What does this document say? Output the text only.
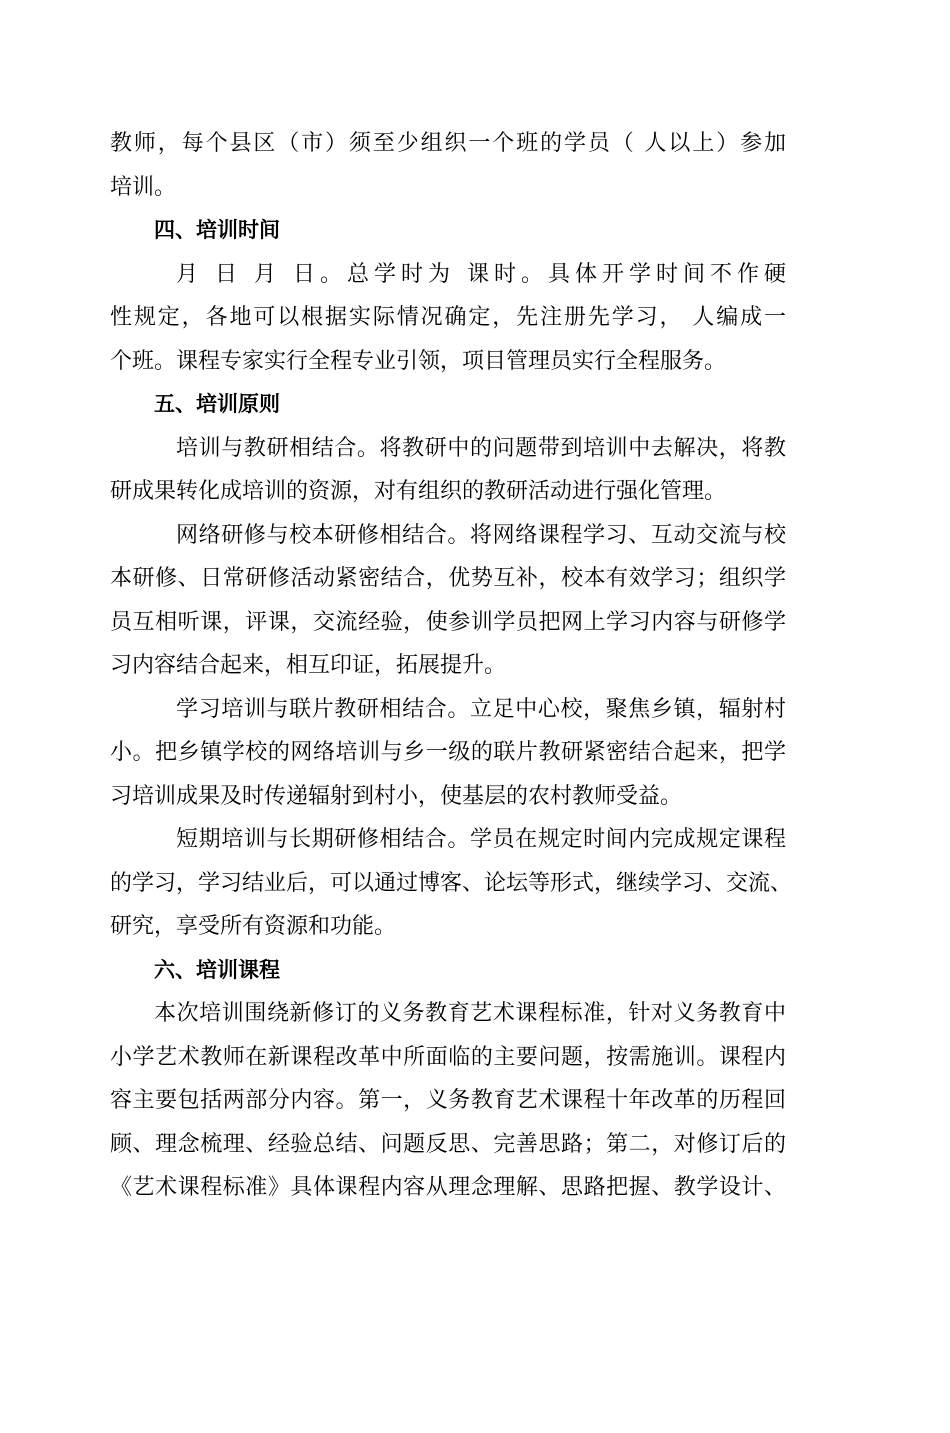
教师，每个县区（市）须至少组织一个班的学员（ 人以上）参加
培训。
四、培训时间
月 日 月 日。总学时为 课时。具体开学时间不作硬
性规定，各地可以根据实际情况确定，先注册先学习， 人编成一
个班。课程专家实行全程专业引领，项目管理员实行全程服务。
五、培训原则
培训与教研相结合。将教研中的问题带到培训中去解决，将教
研成果转化成培训的资源，对有组织的教研活动进行强化管理。
网络研修与校本研修相结合。将网络课程学习、互动交流与校
本研修、日常研修活动紧密结合，优势互补，校本有效学习；组织学
员互相听课，评课，交流经验，使参训学员把网上学习内容与研修学
习内容结合起来，相互印证，拓展提升。
学习培训与联片教研相结合。立足中心校，聚焦乡镇，辐射村
小。把乡镇学校的网络培训与乡一级的联片教研紧密结合起来，把学
习培训成果及时传递辐射到村小，使基层的农村教师受益。
短期培训与长期研修相结合。学员在规定时间内完成规定课程
的学习，学习结业后，可以通过博客、论坛等形式，继续学习、交流、
研究，享受所有资源和功能。
六、培训课程
本次培训围绕新修订的义务教育艺术课程标准，针对义务教育中
小学艺术教师在新课程改革中所面临的主要问题，按需施训。课程内
容主要包括两部分内容。第一，义务教育艺术课程十年改革的历程回
顾、理念梳理、经验总结、问题反思、完善思路；第二，对修订后的
《艺术课程标准》具体课程内容从理念理解、思路把握、教学设计、
